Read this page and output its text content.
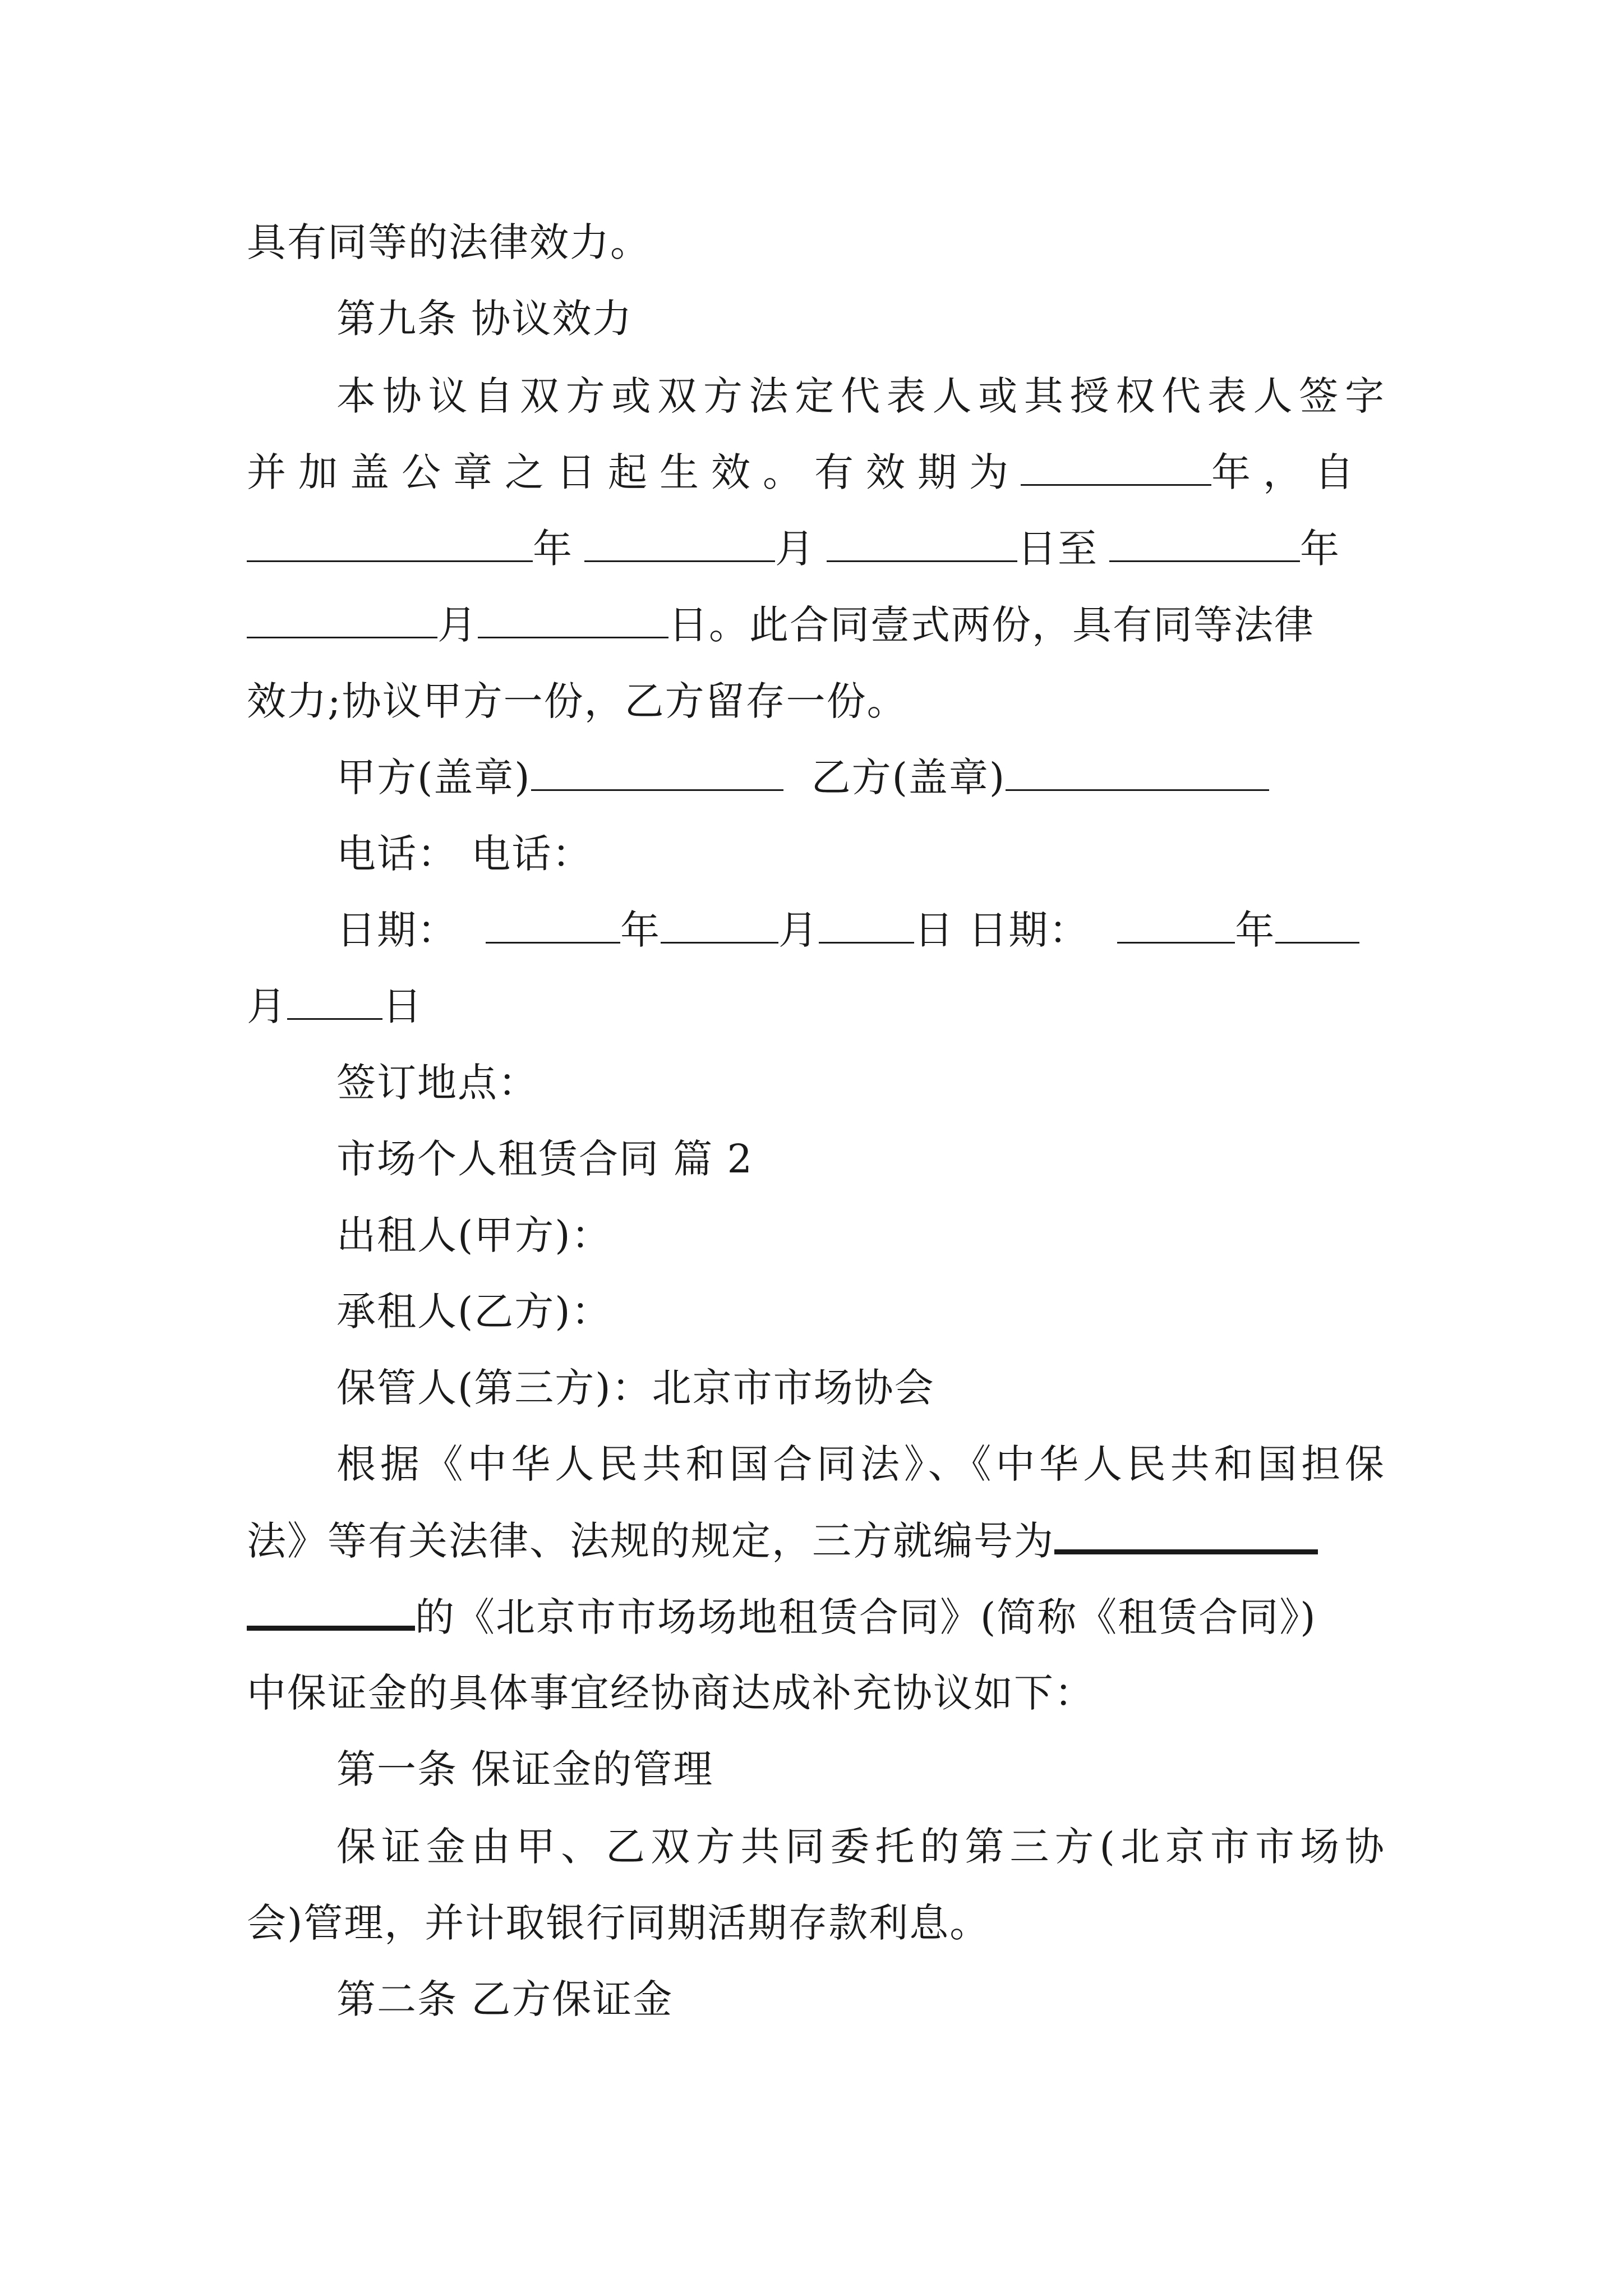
具有同等的法律效力。
第九条 协议效力
本协议自双方或双方法定代表人或其授权代表人签字
并加盖公章之日起生效。有效期为	年，自
年	月	日至	年
月	日。此合同壹式两份，具有同等法律
效力;协议甲方一份，乙方留存一份。
甲方(盖章)	乙方(盖章)
电话： 电话：
日期：	年	月 日 日期：	年
月 日
签订地点：
市场个人租赁合同 篇 2
出租人(甲方)：
承租人(乙方)：
保管人(第三方)：北京市市场协会
根据《中华人民共和国合同法》、《中华人民共和国担保
法》等有关法律、法规的规定，三方就编号为
的《北京市市场场地租赁合同》(简称《租赁合同》)
中保证金的具体事宜经协商达成补充协议如下：
第一条 保证金的管理
保证金由甲、乙双方共同委托的第三方(北京市市场协
会)管理，并计取银行同期活期存款利息。
第二条 乙方保证金
